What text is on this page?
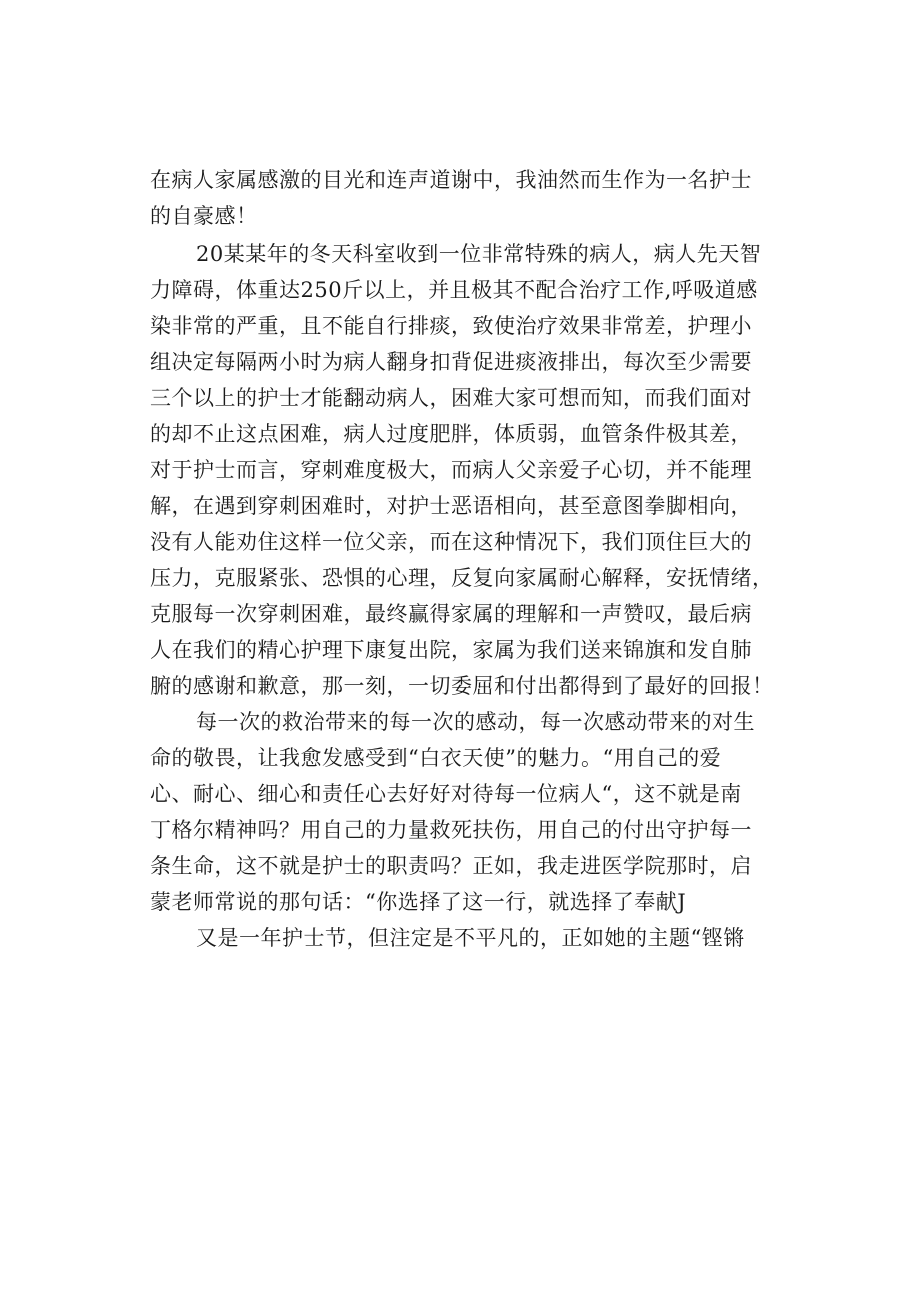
在病人家属感激的目光和连声道谢中，我油然而生作为一名护士
的自豪感！
20某某年的冬天科室收到一位非常特殊的病人，病人先天智
力障碍，体重达250斤以上，并且极其不配合治疗工作,呼吸道感
染非常的严重，且不能自行排痰，致使治疗效果非常差，护理小
组决定每隔两小时为病人翻身扣背促进痰液排出，每次至少需要
三个以上的护士才能翻动病人，困难大家可想而知，而我们面对
的却不止这点困难，病人过度肥胖，体质弱，血管条件极其差，
对于护士而言，穿刺难度极大，而病人父亲爱子心切，并不能理
解，在遇到穿刺困难时，对护士恶语相向，甚至意图拳脚相向，
没有人能劝住这样一位父亲，而在这种情况下，我们顶住巨大的
压力，克服紧张、恐惧的心理，反复向家属耐心解释，安抚情绪，
克服每一次穿刺困难，最终赢得家属的理解和一声赞叹，最后病
人在我们的精心护理下康复出院，家属为我们送来锦旗和发自肺
腑的感谢和歉意，那一刻，一切委屈和付出都得到了最好的回报！
每一次的救治带来的每一次的感动，每一次感动带来的对生
命的敬畏，让我愈发感受到“白衣天使”的魅力。“用自己的爱
心、耐心、细心和责任心去好好对待每一位病人“，这不就是南
丁格尔精神吗？用自己的力量救死扶伤，用自己的付出守护每一
条生命，这不就是护士的职责吗？正如，我走进医学院那时，启
蒙老师常说的那句话：“你选择了这一行，就选择了奉献J
又是一年护士节，但注定是不平凡的，正如她的主题“铿锵
